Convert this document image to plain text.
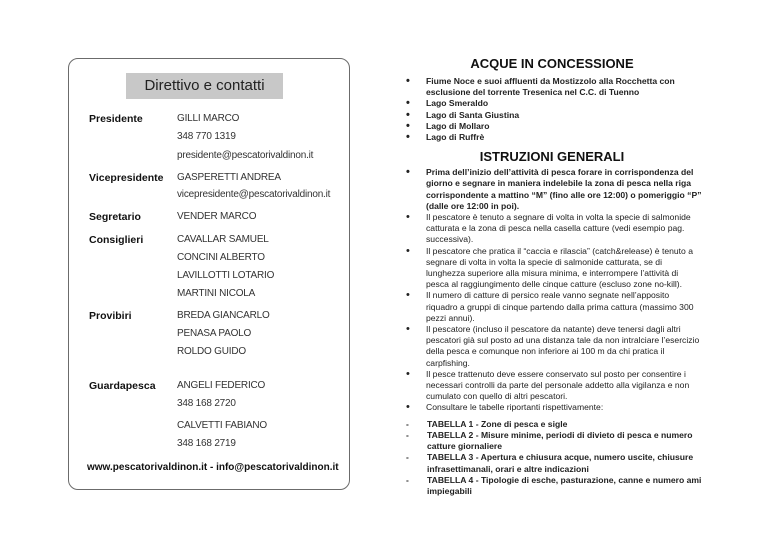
Direttivo e contatti
Presidente	GILLI MARCO
348 770 1319
presidente@pescatorivaldinon.it
Vicepresidente GASPERETTI ANDREA
vicepresidente@pescatorivaldinon.it
Segretario	VENDER MARCO
Consiglieri	CAVALLAR SAMUEL
CONCINI ALBERTO
LAVILLOTTI LOTARIO
MARTINI NICOLA
Provibiri	BREDA GIANCARLO
PENASA PAOLO
ROLDO GUIDO
Guardapesca ANGELI FEDERICO
348 168 2720
CALVETTI FABIANO
348 168 2719
www.pescatorivaldinon.it - info@pescatorivaldinon.it
ACQUE IN CONCESSIONE
• Fiume Noce e suoi affluenti da Mostizzolo alla Rocchetta con esclusione del torrente Tresenica nel C.C. di Tuenno
• Lago Smeraldo
• Lago di Santa Giustina
• Lago di Mollaro
• Lago di Ruffrè
ISTRUZIONI GENERALI
• Prima dell’inizio dell’attività di pesca forare in corrispondenza del giorno e segnare in maniera indelebile la zona di pesca nella riga corrispondente a mattino “M” (fino alle ore 12:00) o pomeriggio “P” (dalle ore 12:00 in poi).
• Il pescatore è tenuto a segnare di volta in volta la specie di salmonide catturata e la zona di pesca nella casella catture (vedi esempio pag. successiva).
• Il pescatore che pratica il “caccia e rilascia” (catch&release) è tenuto a segnare di volta in volta la specie di salmonide catturata, se di lunghezza superiore alla misura minima, e interrompere l’attività di pesca al raggiungimento delle cinque catture (escluso zone no-kill).
• Il numero di catture di persico reale vanno segnate nell’apposito riquadro a gruppi di cinque partendo dalla prima cattura (massimo 300 pezzi annui).
• Il pescatore (incluso il pescatore da natante) deve tenersi dagli altri pescatori già sul posto ad una distanza tale da non intralciare l’esercizio della pesca e comunque non inferiore ai 100 m da chi pratica il carpfishing.
• Il pesce trattenuto deve essere conservato sul posto per consentire i necessari controlli da parte del personale addetto alla vigilanza e non cumulato con quello di altri pescatori.
• Consultare le tabelle riportanti rispettivamente:
- TABELLA 1 - Zone di pesca e sigle
- TABELLA 2 - Misure minime, periodi di divieto di pesca e numero catture giornaliere
- TABELLA 3 - Apertura e chiusura acque, numero uscite, chiusure infrasettimanali, orari e altre indicazioni
- TABELLA 4 - Tipologie di esche, pasturazione, canne e numero ami impiegabili
